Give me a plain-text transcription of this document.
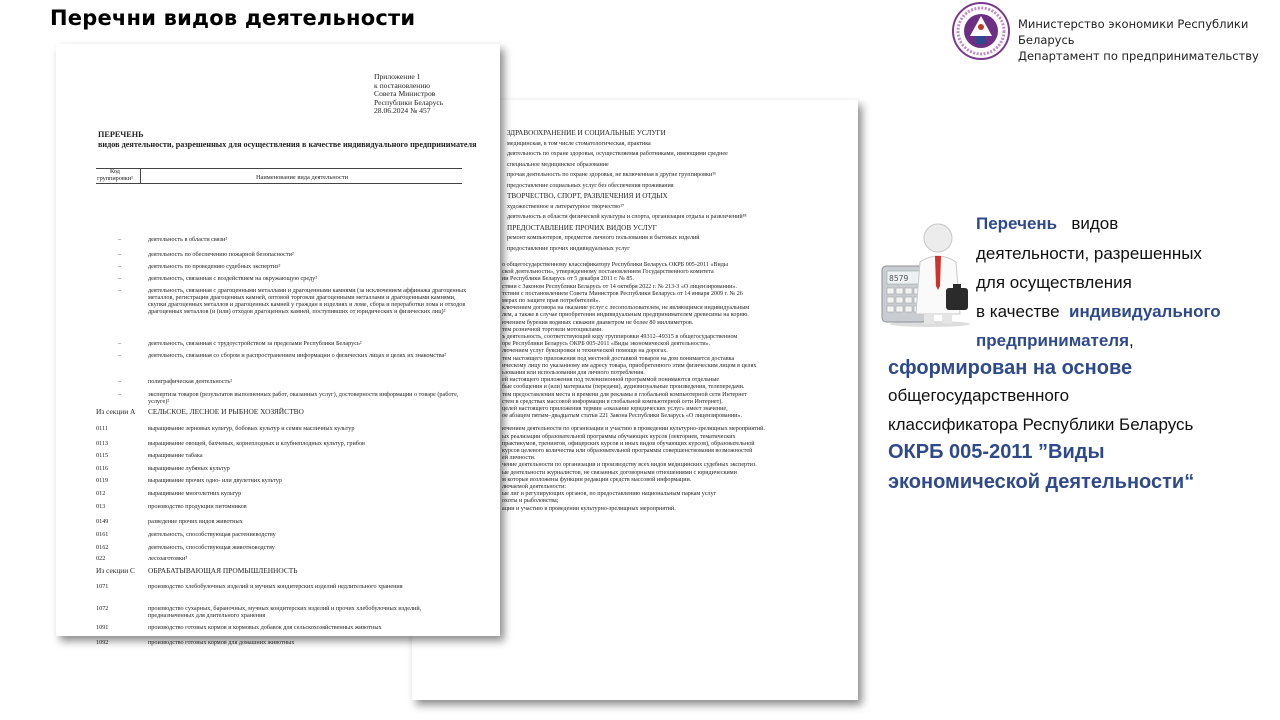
Перечни видов деятельности	Министерство экономики Республики Беларусь
Департамент по предпринимательству
ЗДРАВООХРАНЕНИЕ И СОЦИАЛЬНЫЕ УСЛУГИ
медицинская, в том числе стоматологическая, практика
деятельность по охране здоровья, осуществляемая работниками, имеющими среднее
специальное медицинское образование
прочая деятельность по охране здоровья, не включенная в другие группировки¹⁶
предоставление социальных услуг без обеспечения проживания
ТВОРЧЕСТВО, СПОРТ, РАЗВЛЕЧЕНИЯ И ОТДЫХ
художественное и литературное творчество¹⁷
деятельность в области физической культуры и спорта, организация отдыха и развлечений¹⁸
ПРЕДОСТАВЛЕНИЕ ПРОЧИХ ВИДОВ УСЛУГ
ремонт компьютеров, предметов личного пользования и бытовых изделий
предоставление прочих индивидуальных услуг
о общегосударственному классификатору Республики Беларусь ОКРБ 005-2011 «Виды
ской деятельности», утвержденному постановлением Государственного комитета
ии Республики Беларусь от 5 декабря 2011 г. № 85.
ствии с Законом Республики Беларусь от 14 октября 2022 г. № 213-З «О лицензировании».
тствии с постановлением Совета Министров Республики Беларусь от 14 января 2009 г. № 26
мерах по защите прав потребителей».
ключением договора на оказание услуг с лесопользователем, не являющимся индивидуальным
лем, а также в случае приобретения индивидуальным предпринимателем древесины на корню.
ючением бурения водяных скважин диаметром не более 80 миллиметров.
тем розничной торговли мотоциклами.
ъ деятельность, соответствующий коду группировки 49312–49315 в общегосударственном
оре Республики Беларусь ОКРБ 005-2011 «Виды экономической деятельности».
лючением услуг буксировки и технической помощи на дорогах.
тем настоящего приложения под местной доставкой товаров на дом понимается доставка
ическому лицу по указанному им адресу товара, приобретенного этим физическим лицом в целях
ьзования или использования для личного потребления.
ей настоящего приложения под телевизионной программой понимаются отдельные
бые сообщения и (или) материалы (передачи), аудиовизуальные произведения, телепередачи.
тем предоставления места и времени для рекламы в глобальной компьютерной сети Интернет
стем в средствах массовой информации в глобальной компьютерной сети Интернет).
целей настоящего приложения термин «оказание юридических услуг» имеет значение,
ое абзацем пятым–двадцатым статьи 221 Закона Республики Беларусь «О лицензировании».
ючением деятельности по организации и участию в проведении культурно-зрелищных мероприятий.
ых реализации образовательной программы обучающих курсов (лекториев, тематических
практикумов, тренингов, офицерских курсов и иных видов обучающих курсов), образовательной
курсов целевого количества или образовательной программы совершенствования возможностей
ей личности.
чение деятельности по организации и производству всех видов медицинских судебных экспертиз.
ые деятельности журналистов, не связанных договорными отношениями с юридическими
м которые возложены функции редакции средств массовой информации.
лючаемой деятельности:
ые лиг и регулирующих органов, по предоставлению национальным паркам услуг
охоты и рыболовства;
ации и участию в проведении культурно-зрелищных мероприятий.
Приложение 1
к постановлению
Совета Министров
Республики Беларусь
28.06.2024 № 457
ПЕРЕЧЕНЬ
видов деятельности, разрешенных для осуществления в качестве индивидуального предпринимателя
Код группировки¹	Наименование вида деятельности
–	деятельность в области связи²
–	деятельность по обеспечению пожарной безопасности²
–	деятельность по проведению судебных экспертиз²
–	деятельность, связанная с воздействием на окружающую среду²
–	деятельность, связанная с драгоценными металлами и драгоценными камнями (за исключением аффинажа драгоценных металлов, регистрации драгоценных камней, оптовой торговли драгоценными металлами и драгоценными камнями, скупки драгоценных металлов и драгоценных камней у граждан в изделиях и ломе, сбора и переработки лома и отходов драгоценных металлов (и (или) отходов драгоценных камней, поступивших от юридических и физических лиц)²
–	деятельность, связанная с трудоустройством за пределами Республики Беларусь²
–	деятельность, связанная со сбором и распространением информации о физических лицах в целях их знакомства²
–	полиграфическая деятельность²
–	экспертиза товаров (результатов выполненных работ, оказанных услуг), достоверности информации о товаре (работе, услуге)²
Из секции А	СЕЛЬСКОЕ, ЛЕСНОЕ И РЫБНОЕ ХОЗЯЙСТВО
0111	выращивание зерновых культур, бобовых культур и семян масличных культур
0113	выращивание овощей, бахчевых, корнеплодных и клубнеплодных культур, грибов
0115	выращивание табака
0116	выращивание лубяных культур
0119	выращивание прочих одно- или двулетних культур
012	выращивание многолетних культур
013	производство продукции питомников
0149	разведение прочих видов животных
0161	деятельность, способствующая растениеводству
0162	деятельность, способствующая животноводству
022	лесозаготовки³
Из секции С	ОБРАБАТЫВАЮЩАЯ ПРОМЫШЛЕННОСТЬ
1071	производство хлебобулочных изделий и мучных кондитерских изделий недлительного хранения
1072	производство сухарных, бараночных, мучных кондитерских изделий и прочих хлебобулочных изделий, предназначенных для длительного хранения
1091	производство готовых кормов и кормовых добавок для сельскохозяйственных животных
1092	производство готовых кормов для домашних животных
8579
Перечень видов
деятельности, разрешенных
для осуществления
в качестве индивидуального
предпринимателя,
сформирован на основе
общегосударственного
классификатора Республики Беларусь
ОКРБ 005-2011 ”Виды
экономической деятельности“
